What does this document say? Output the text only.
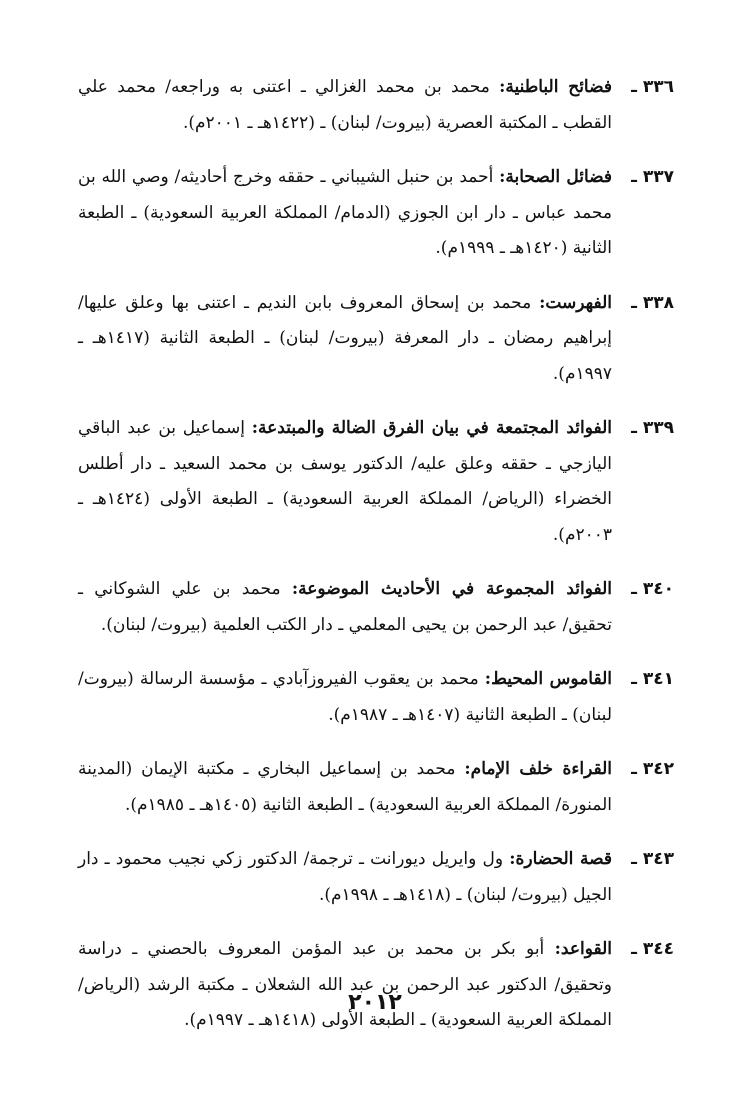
٣٣٦ ـ
فضائح الباطنية: محمد بن محمد الغزالي ـ اعتنى به وراجعه/ محمد علي القطب ـ المكتبة العصرية (بيروت/ لبنان) ـ (١٤٢٢هـ ـ ٢٠٠١م).
٣٣٧ ـ
فضائل الصحابة: أحمد بن حنبل الشيباني ـ حققه وخرج أحاديثه/ وصي الله بن محمد عباس ـ دار ابن الجوزي (الدمام/ المملكة العربية السعودية) ـ الطبعة الثانية (١٤٢٠هـ ـ ١٩٩٩م).
٣٣٨ ـ
الفهرست: محمد بن إسحاق المعروف بابن النديم ـ اعتنى بها وعلق عليها/ إبراهيم رمضان ـ دار المعرفة (بيروت/ لبنان) ـ الطبعة الثانية (١٤١٧هـ ـ ١٩٩٧م).
٣٣٩ ـ
الفوائد المجتمعة في بيان الفرق الضالة والمبتدعة: إسماعيل بن عبد الباقي اليازجي ـ حققه وعلق عليه/ الدكتور يوسف بن محمد السعيد ـ دار أطلس الخضراء (الرياض/ المملكة العربية السعودية) ـ الطبعة الأولى (١٤٢٤هـ ـ ٢٠٠٣م).
٣٤٠ ـ
الفوائد المجموعة في الأحاديث الموضوعة: محمد بن علي الشوكاني ـ تحقيق/ عبد الرحمن بن يحيى المعلمي ـ دار الكتب العلمية (بيروت/ لبنان).
٣٤١ ـ
القاموس المحيط: محمد بن يعقوب الفيروزآبادي ـ مؤسسة الرسالة (بيروت/ لبنان) ـ الطبعة الثانية (١٤٠٧هـ ـ ١٩٨٧م).
٣٤٢ ـ
القراءة خلف الإمام: محمد بن إسماعيل البخاري ـ مكتبة الإيمان (المدينة المنورة/ المملكة العربية السعودية) ـ الطبعة الثانية (١٤٠٥هـ ـ ١٩٨٥م).
٣٤٣ ـ
قصة الحضارة: ول وايريل ديورانت ـ ترجمة/ الدكتور زكي نجيب محمود ـ دار الجيل (بيروت/ لبنان) ـ (١٤١٨هـ ـ ١٩٩٨م).
٣٤٤ ـ
القواعد: أبو بكر بن محمد بن عبد المؤمن المعروف بالحصني ـ دراسة وتحقيق/ الدكتور عبد الرحمن بن عبد الله الشعلان ـ مكتبة الرشد (الرياض/ المملكة العربية السعودية) ـ الطبعة الأولى (١٤١٨هـ ـ ١٩٩٧م).
٢٠١٢
